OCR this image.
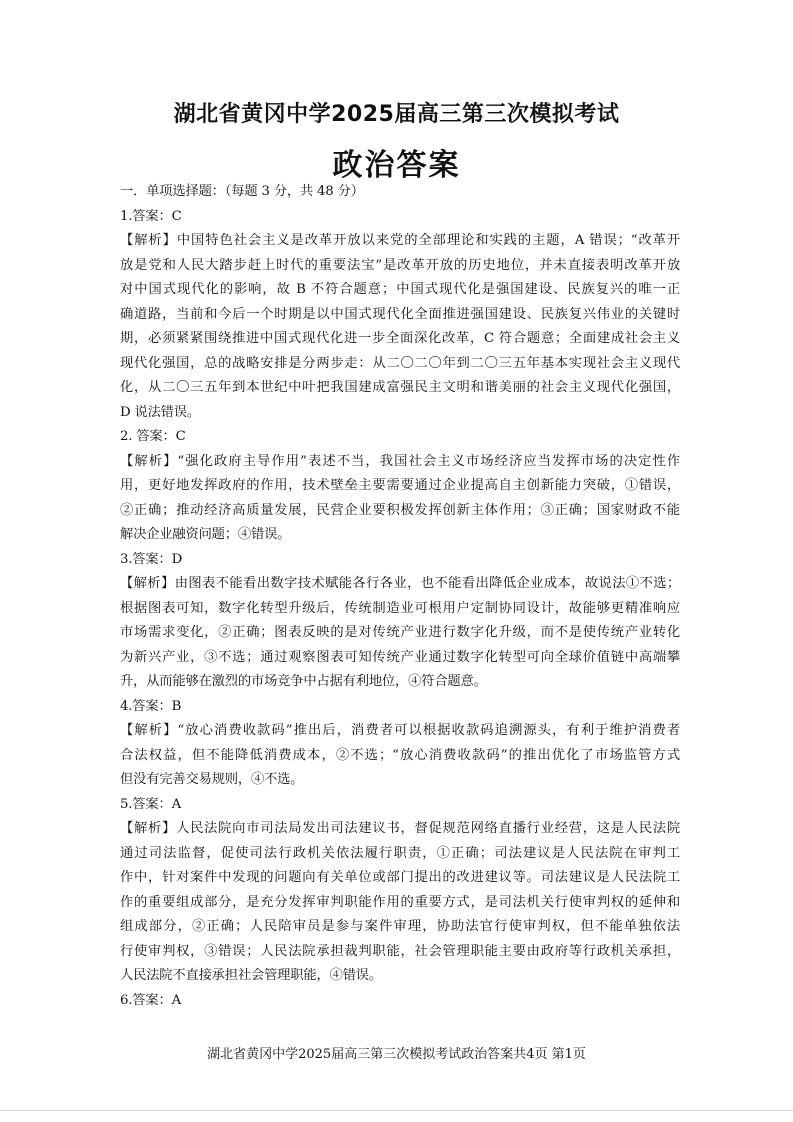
湖北省黄冈中学2025届高三第三次模拟考试
政治答案
一．单项选择题：（每题 3 分，共 48 分）
1.答案：C
【解析】中国特色社会主义是改革开放以来党的全部理论和实践的主题，A 错误；“改革开
放是党和人民大踏步赶上时代的重要法宝”是改革开放的历史地位，并未直接表明改革开放
对中国式现代化的影响，故 B 不符合题意；中国式现代化是强国建设、民族复兴的唯一正
确道路，当前和今后一个时期是以中国式现代化全面推进强国建设、民族复兴伟业的关键时
期，必须紧紧围绕推进中国式现代化进一步全面深化改革，C 符合题意；全面建成社会主义
现代化强国，总的战略安排是分两步走：从二〇二〇年到二〇三五年基本实现社会主义现代
化，从二〇三五年到本世纪中叶把我国建成富强民主文明和谐美丽的社会主义现代化强国，
D 说法错误。
2. 答案：C
【解析】“强化政府主导作用”表述不当，我国社会主义市场经济应当发挥市场的决定性作
用，更好地发挥政府的作用，技术壁垒主要需要通过企业提高自主创新能力突破，①错误，
②正确；推动经济高质量发展，民营企业要积极发挥创新主体作用；③正确；国家财政不能
解决企业融资问题；④错误。
3.答案：D
【解析】由图表不能看出数字技术赋能各行各业，也不能看出降低企业成本，故说法①不选；
根据图表可知，数字化转型升级后，传统制造业可根用户定制协同设计，故能够更精准响应
市场需求变化，②正确；图表反映的是对传统产业进行数字化升级，而不是使传统产业转化
为新兴产业，③不选；通过观察图表可知传统产业通过数字化转型可向全球价值链中高端攀
升，从而能够在激烈的市场竞争中占据有利地位，④符合题意。
4.答案：B
【解析】“放心消费收款码”推出后，消费者可以根据收款码追溯源头，有利于维护消费者
合法权益，但不能降低消费成本，②不选；“放心消费收款码”的推出优化了市场监管方式
但没有完善交易规则，④不选。
5.答案：A
【解析】人民法院向市司法局发出司法建议书，督促规范网络直播行业经营，这是人民法院
通过司法监督，促使司法行政机关依法履行职责，①正确；司法建议是人民法院在审判工
作中，针对案件中发现的问题向有关单位或部门提出的改进建议等。司法建议是人民法院工
作的重要组成部分，是充分发挥审判职能作用的重要方式，是司法机关行使审判权的延伸和
组成部分，②正确；人民陪审员是参与案件审理，协助法官行使审判权，但不能单独依法
行使审判权，③错误；人民法院承担裁判职能，社会管理职能主要由政府等行政机关承担，
人民法院不直接承担社会管理职能，④错误。
6.答案：A
湖北省黄冈中学2025届高三第三次模拟考试政治答案共4页 第1页
